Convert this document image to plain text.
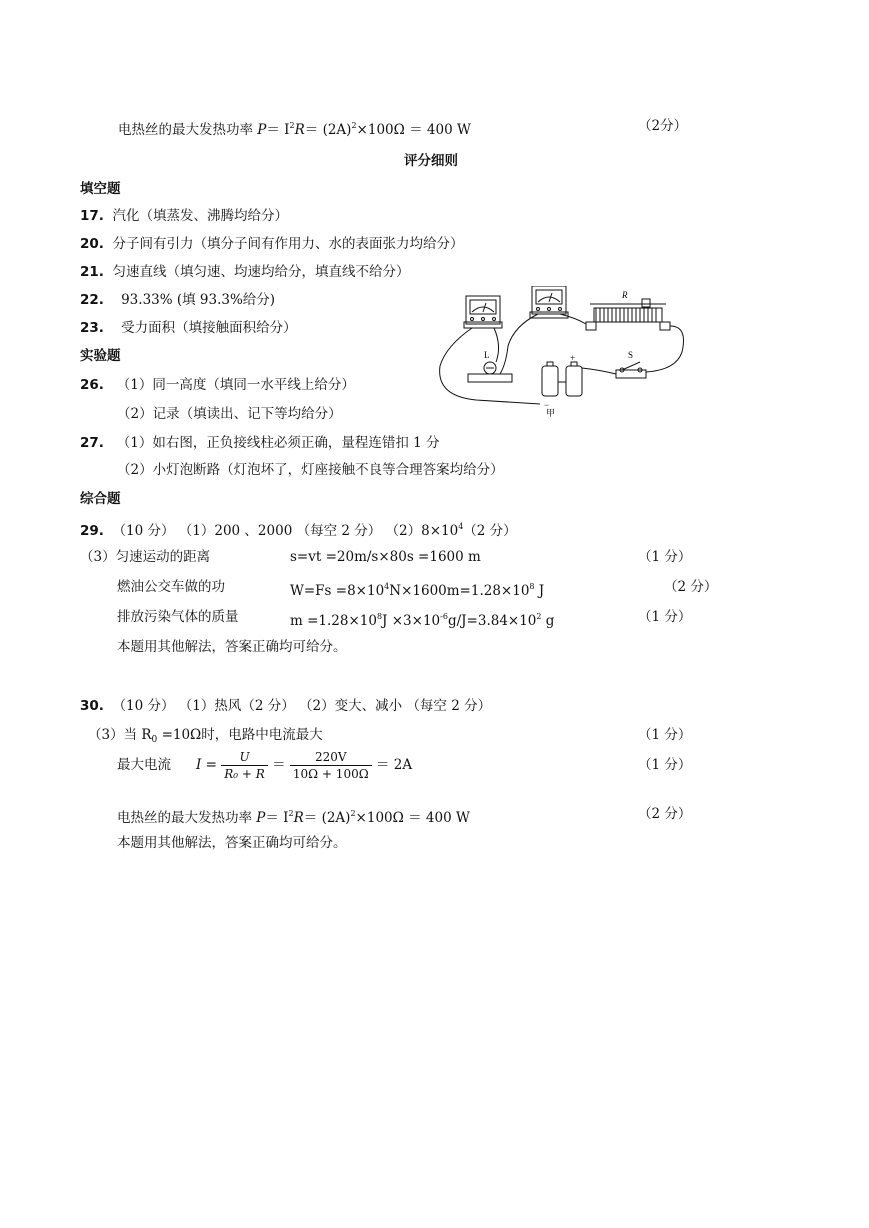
电热丝的最大发热功率 $P= I^2R= (2A)^2\times 100\Omega = 400$ W	（2分）
评分细则
填空题
17. 汽化（填蒸发、沸腾均给分）
20. 分子间有引力（填分子间有作用力、水的表面张力均给分）
21. 匀速直线（填匀速、均速均给分，填直线不给分）
22. 93.33% (填 93.3%给分)
23. 受力面积（填接触面积给分）
实验题
26. （1）同一高度（填同一水平线上给分）
（2）记录（填读出、记下等均给分）
27. （1）如右图，正负接线柱必须正确，量程连错扣 1 分
（2）小灯泡断路（灯泡坏了，灯座接触不良等合理答案均给分）
R
L	S
+
−
甲
综合题
29. （10 分） （1）200 、2000 （每空 2 分） $(2)8\times 10^4(2$ 分）
（3）匀速运动的距离	s=vt =20m/s×80s =1600 m	（1 分）
燃油公交车做的功	$W=Fs =8\times 10^4N\times 1600m=1.28\times 10^8$ J	（2 分）
排放污染气体的质量	$m =1.28\times 10^8J \times 3\times 10^{-6}g/J=3.84\times 10^2$ g	（1 分）
本题用其他解法，答案正确均可给分。
30. （10 分） （1）热风（2 分） （2）变大、减小 （每空 2 分）
（3）当 $R_0 =10\Omega$时，电路中电流最大	（1 分）
最大电流 $I = \frac{U}{\text{R₀ + R}} = \frac{220V}{10\Omega + 100\Omega} = 2A$	（1 分）
电热丝的最大发热功率 $P= I^2R= (2A)^2\times 100\Omega = 400$ W	（2 分）
本题用其他解法，答案正确均可给分。
